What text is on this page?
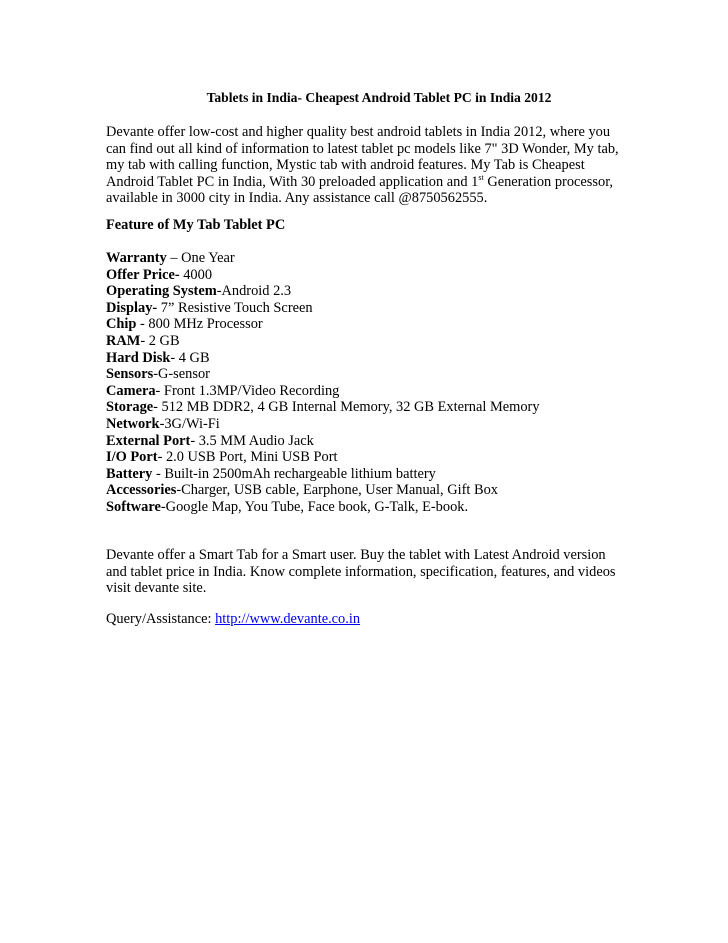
Tablets in India- Cheapest Android Tablet PC in India 2012

Devante offer low-cost and higher quality best android tablets in India 2012, where you

can find out all kind of information to latest tablet pc models like 7" 3D Wonder, My tab,

my tab with calling function, Mystic tab with android features. My Tab is Cheapest

Android Tablet PC in India, With 30 preloaded application and 1st Generation processor,

available in 3000 city in India. Any assistance call @8750562555.

Feature of My Tab Tablet PC
Warranty – One Year
Offer Price- 4000
Operating System-Android 2.3
Display- 7” Resistive Touch Screen
Chip - 800 MHz Processor
RAM- 2 GB
Hard Disk- 4 GB
Sensors-G-sensor
Camera- Front 1.3MP/Video Recording
Storage- 512 MB DDR2, 4 GB Internal Memory, 32 GB External Memory
Network-3G/Wi-Fi
External Port- 3.5 MM Audio Jack
I/O Port- 2.0 USB Port, Mini USB Port
Battery - Built-in 2500mAh rechargeable lithium battery
Accessories-Charger, USB cable, Earphone, User Manual, Gift Box
Software-Google Map, You Tube, Face book, G-Talk, E-book.
Devante offer a Smart Tab for a Smart user. Buy the tablet with Latest Android version
and tablet price in India. Know complete information, specification, features, and videos
visit devante site.
Query/Assistance: http://www.devante.co.in
